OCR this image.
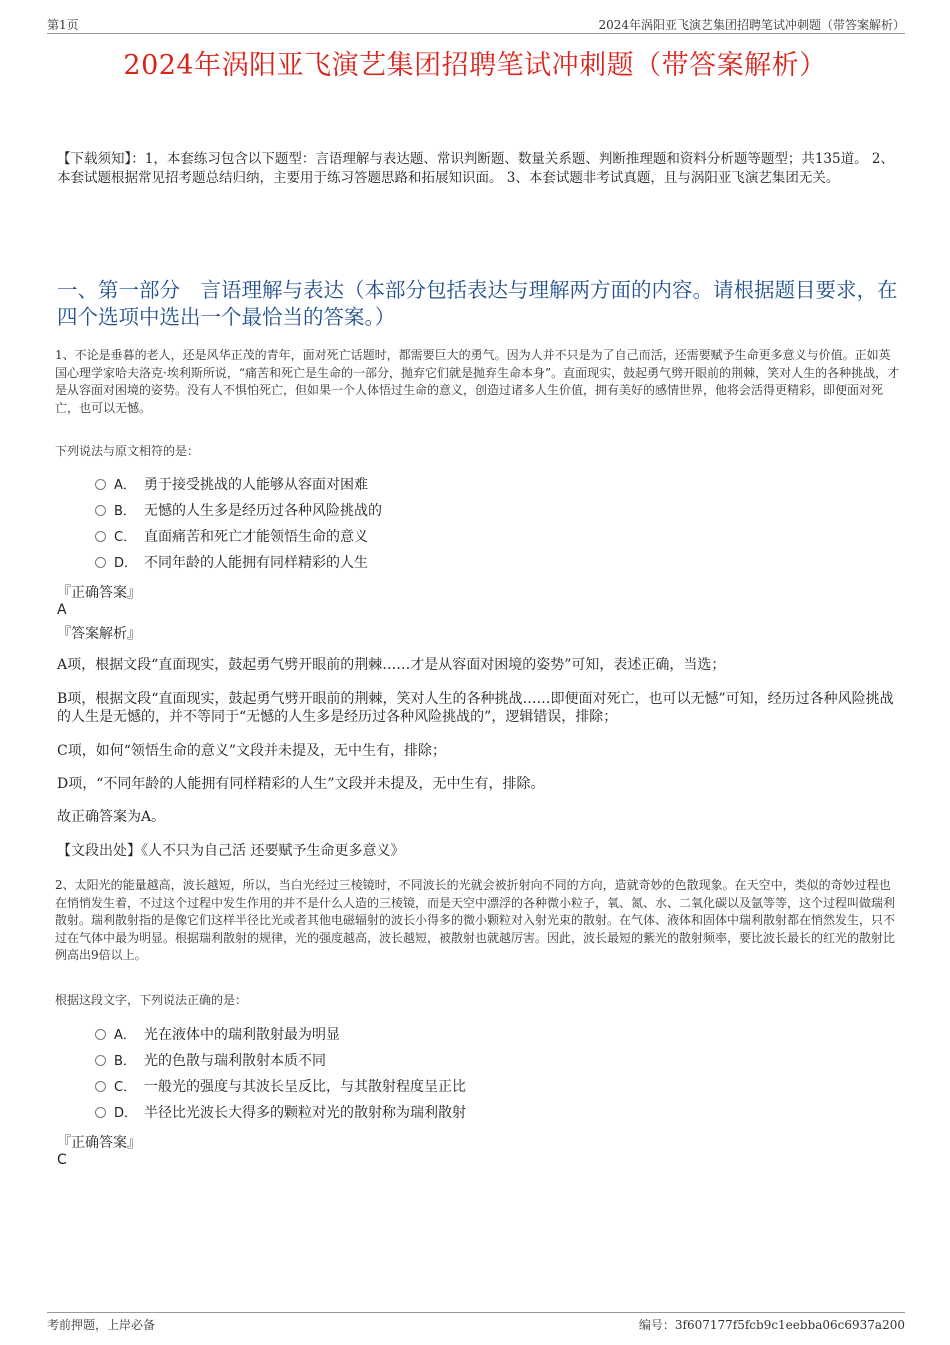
第1页	2024年涡阳亚飞演艺集团招聘笔试冲刺题（带答案解析）
2024年涡阳亚飞演艺集团招聘笔试冲刺题（带答案解析）
【下载须知】：1，本套练习包含以下题型：言语理解与表达题、常识判断题、数量关系题、判断推理题和资料分析题等题型；共135道。 2、本套试题根据常见招考题总结归纳，主要用于练习答题思路和拓展知识面。 3、本套试题非考试真题，且与涡阳亚飞演艺集团无关。
一、第一部分　言语理解与表达（本部分包括表达与理解两方面的内容。请根据题目要求，在四个选项中选出一个最恰当的答案。）
1、不论是垂暮的老人，还是风华正茂的青年，面对死亡话题时，都需要巨大的勇气。因为人并不只是为了自己而活，还需要赋予生命更多意义与价值。正如英国心理学家哈夫洛克·埃利斯所说，“痛苦和死亡是生命的一部分，抛弃它们就是抛弃生命本身”。直面现实，鼓起勇气劈开眼前的荆棘，笑对人生的各种挑战，才是从容面对困境的姿势。没有人不惧怕死亡，但如果一个人体悟过生命的意义，创造过诸多人生价值，拥有美好的感情世界，他将会活得更精彩，即便面对死亡，也可以无憾。
下列说法与原文相符的是：
A． 勇于接受挑战的人能够从容面对困难
B． 无憾的人生多是经历过各种风险挑战的
C． 直面痛苦和死亡才能领悟生命的意义
D． 不同年龄的人能拥有同样精彩的人生
『正确答案』
A
『答案解析』
A项，根据文段“直面现实，鼓起勇气劈开眼前的荆棘……才是从容面对困境的姿势”可知，表述正确，当选；
B项，根据文段“直面现实，鼓起勇气劈开眼前的荆棘，笑对人生的各种挑战……即便面对死亡，也可以无憾”可知，经历过各种风险挑战的人生是无憾的，并不等同于“无憾的人生多是经历过各种风险挑战的”，逻辑错误，排除；
C项，如何“领悟生命的意义”文段并未提及，无中生有，排除；
D项，“不同年龄的人能拥有同样精彩的人生”文段并未提及，无中生有，排除。
故正确答案为A。
【文段出处】《人不只为自己活 还要赋予生命更多意义》
2、太阳光的能量越高，波长越短，所以，当白光经过三棱镜时，不同波长的光就会被折射向不同的方向，造就奇妙的色散现象。在天空中，类似的奇妙过程也在悄悄发生着，不过这个过程中发生作用的并不是什么人造的三棱镜，而是天空中漂浮的各种微小粒子，氧、氮、水、二氧化碳以及氩等等，这个过程叫做瑞利散射。瑞利散射指的是像它们这样半径比光或者其他电磁辐射的波长小得多的微小颗粒对入射光束的散射。在气体、液体和固体中瑞利散射都在悄然发生，只不过在气体中最为明显。根据瑞利散射的规律，光的强度越高，波长越短，被散射也就越厉害。因此，波长最短的紫光的散射频率，要比波长最长的红光的散射比例高出9倍以上。
根据这段文字，下列说法正确的是：
A． 光在液体中的瑞利散射最为明显
B． 光的色散与瑞利散射本质不同
C． 一般光的强度与其波长呈反比，与其散射程度呈正比
D． 半径比光波长大得多的颗粒对光的散射称为瑞利散射
『正确答案』
C
考前押题，上岸必备	编号：3f607177f5fcb9c1eebba06c6937a200
